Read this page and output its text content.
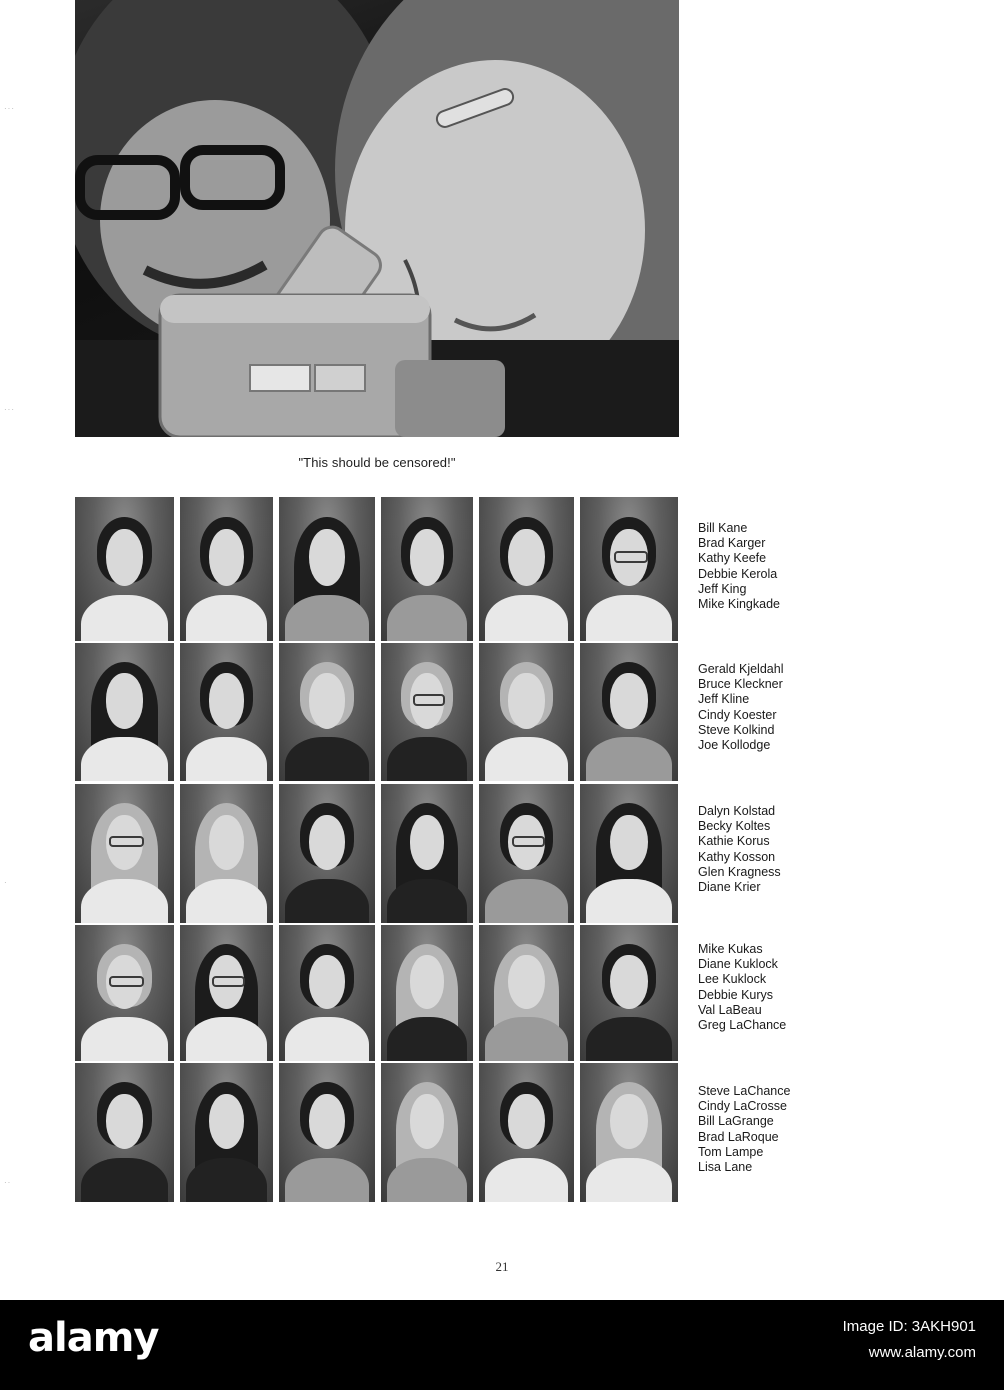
"This should be censored!"
···
···
·
··
Bill Kane
Brad Karger
Kathy Keefe
Debbie Kerola
Jeff King
Mike Kingkade
Gerald Kjeldahl
Bruce Kleckner
Jeff Kline
Cindy Koester
Steve Kolkind
Joe Kollodge
Dalyn Kolstad
Becky Koltes
Kathie Korus
Kathy Kosson
Glen Kragness
Diane Krier
Mike Kukas
Diane Kuklock
Lee Kuklock
Debbie Kurys
Val LaBeau
Greg LaChance
Steve LaChance
Cindy LaCrosse
Bill LaGrange
Brad LaRoque
Tom Lampe
Lisa Lane
21
alamy	Image ID: 3AKH901
www.alamy.com
